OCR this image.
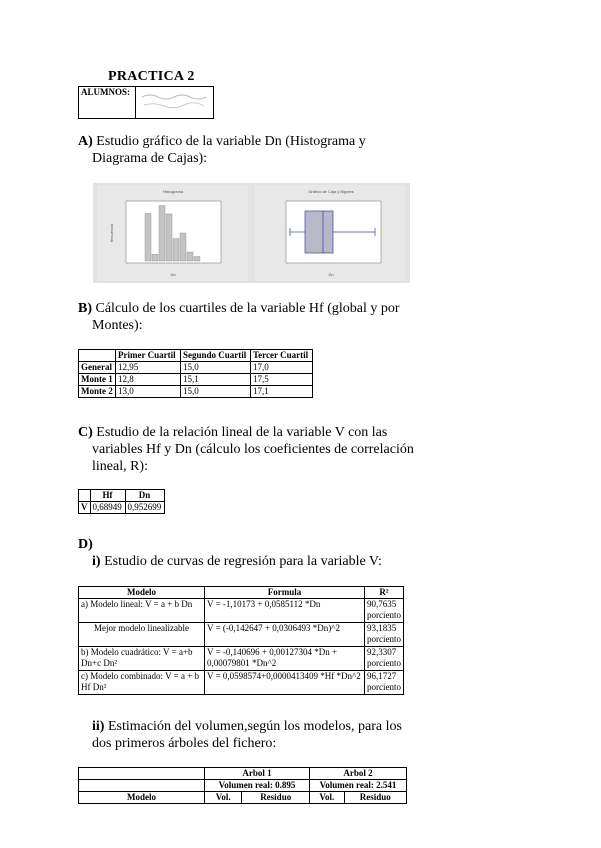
PRACTICA 2
ALUMNOS:	
A) Estudio gráfico de la variable Dn (Histograma y
Diagrama de Cajas):
Histograma
Dn
frecuencia
Gráfico de Caja y Bigotes
Dn
B) Cálculo de los cuartiles de la variable Hf (global y por
Montes):
	Primer Cuartil	Segundo Cuartil	Tercer Cuartil
General	12,95	15,0	17,0
Monte 1	12,8	15,1	17,5
Monte 2	13,0	15,0	17,1
C) Estudio de la relación lineal de la variable V con las
variables Hf y Dn (cálculo los coeficientes de correlación
lineal, R):
	Hf	Dn
V	0,68949	0,952699
D)
i) Estudio de curvas de regresión para la variable V:
Modelo	Formula	R²
a) Modelo lineal: V = a + b Dn	V = -1,10173 + 0,0585112 *Dn	90,7635 porciento
Mejor modelo linealizable	V = (-0,142647 + 0,0306493 *Dn)^2	93,1835 porciento
b) Modelo cuadrático: V = a+b Dn+c Dn²	V = -0,140696 + 0,00127304 *Dn + 0,00079801 *Dn^2	92,3307 porciento
c) Modelo combinado: V = a + b Hf Dn²	V = 0,0598574+0,0000413409 *Hf *Dn^2	96,1727 porciento
ii) Estimación del volumen,según los modelos, para los
dos primeros árboles del fichero:
	Arbol 1		Arbol 2	
	Volumen real: 0.895		Volumen real: 2.541	
Modelo	Vol.	Residuo	Vol.	Residuo
